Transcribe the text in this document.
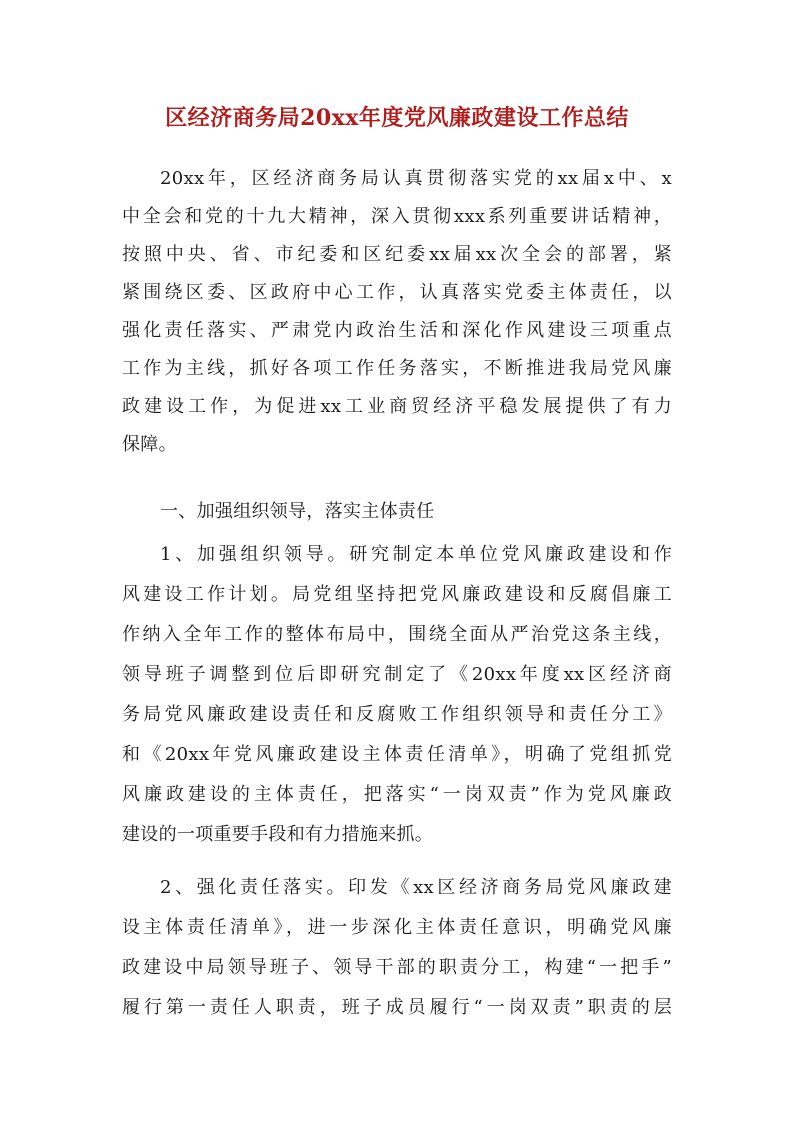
区经济商务局20xx年度党风廉政建设工作总结
20xx年，区经济商务局认真贯彻落实党的xx届x中、x
中全会和党的十九大精神，深入贯彻xxx系列重要讲话精神，
按照中央、省、市纪委和区纪委xx届xx次全会的部署，紧
紧围绕区委、区政府中心工作，认真落实党委主体责任，以
强化责任落实、严肃党内政治生活和深化作风建设三项重点
工作为主线，抓好各项工作任务落实，不断推进我局党风廉
政建设工作，为促进xx工业商贸经济平稳发展提供了有力
保障。
一、加强组织领导，落实主体责任
1、加强组织领导。研究制定本单位党风廉政建设和作
风建设工作计划。局党组坚持把党风廉政建设和反腐倡廉工
作纳入全年工作的整体布局中，围绕全面从严治党这条主线，
领导班子调整到位后即研究制定了《20xx年度xx区经济商
务局党风廉政建设责任和反腐败工作组织领导和责任分工》
和《20xx年党风廉政建设主体责任清单》，明确了党组抓党
风廉政建设的主体责任，把落实“一岗双责”作为党风廉政
建设的一项重要手段和有力措施来抓。
2、强化责任落实。印发《xx区经济商务局党风廉政建
设主体责任清单》，进一步深化主体责任意识，明确党风廉
政建设中局领导班子、领导干部的职责分工，构建“一把手”
履行第一责任人职责，班子成员履行“一岗双责”职责的层
